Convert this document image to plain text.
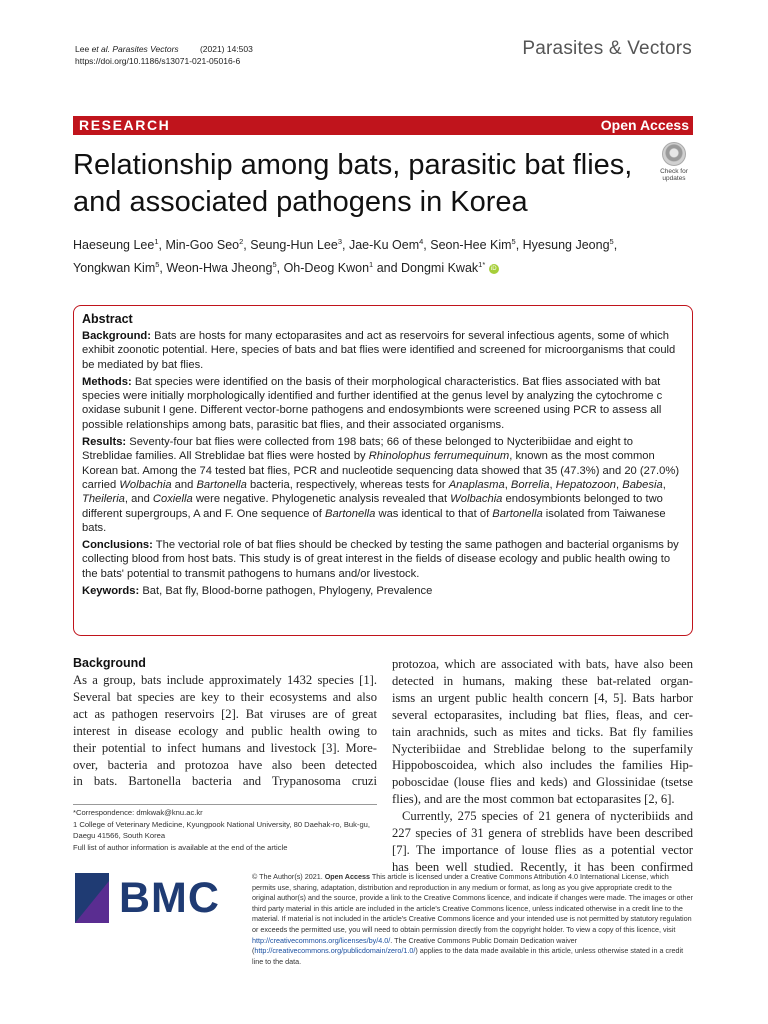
Lee et al. Parasites Vectors	(2021) 14:503
https://doi.org/10.1186/s13071-021-05016-6
Parasites & Vectors
RESEARCH	Open Access
Relationship among bats, parasitic bat flies,
and associated pathogens in Korea
Check for updates
Haeseung Lee$^1$, Min-Goo Seo$^2$, Seung-Hun Lee$^3$, Jae-Ku Oem$^4$, Seon-Hee Kim$^5$, Hyesung Jeong$^5$,
Yongkwan Kim$^5$, Weon-Hwa Jheong$^5$, Oh-Deog Kwon$^1$ and Dongmi Kwak$^{1*}$ iD
Abstract

Background: Bats are hosts for many ectoparasites and act as reservoirs for several infectious agents, some of which exhibit zoonotic potential. Here, species of bats and bat flies were identified and screened for microorganisms that could be mediated by bat flies.

Methods: Bat species were identified on the basis of their morphological characteristics. Bat flies associated with bat species were initially morphologically identified and further identified at the genus level by analyzing the cytochrome c oxidase subunit I gene. Different vector-borne pathogens and endosymbionts were screened using PCR to assess all possible relationships among bats, parasitic bat flies, and their associated organisms.

Results: Seventy-four bat flies were collected from 198 bats; 66 of these belonged to Nycteribiidae and eight to Streblidae families. All Streblidae bat flies were hosted by Rhinolophus ferrumequinum, known as the most common Korean bat. Among the 74 tested bat flies, PCR and nucleotide sequencing data showed that 35 (47.3%) and 20 (27.0%) carried Wolbachia and Bartonella bacteria, respectively, whereas tests for Anaplasma, Borrelia, Hepatozoon, Babesia, Theileria, and Coxiella were negative. Phylogenetic analysis revealed that Wolbachia endosymbionts belonged to two different supergroups, A and F. One sequence of Bartonella was identical to that of Bartonella isolated from Taiwanese bats.

Conclusions: The vectorial role of bat flies should be checked by testing the same pathogen and bacterial organisms by collecting blood from host bats. This study is of great interest in the fields of disease ecology and public health owing to the bats' potential to transmit pathogens to humans and/or livestock.

Keywords: Bat, Bat fly, Blood-borne pathogen, Phylogeny, Prevalence

Background
As a group, bats include approximately 1432 species [1].
Several bat species are key to their ecosystems and also
act as pathogen reservoirs [2]. Bat viruses are of great
interest in disease ecology and public health owing to
their potential to infect humans and livestock [3]. More-
over, bacteria and protozoa have also been detected
in bats. Bartonella bacteria and Trypanosoma cruzi
protozoa, which are associated with bats, have also been
detected in humans, making these bat-related organ-
isms an urgent public health concern [4, 5]. Bats harbor
several ectoparasites, including bat flies, fleas, and cer-
tain arachnids, such as mites and ticks. Bat fly families
Nycteribiidae and Streblidae belong to the superfamily
Hippoboscoidea, which also includes the families Hip-
poboscidae (louse flies and keds) and Glossinidae (tsetse
flies), and are the most common bat ectoparasites [2, 6].
Currently, 275 species of 21 genera of nycteribiids and
227 species of 31 genera of streblids have been described
[7]. The importance of louse flies as a potential vector
has been well studied. Recently, it has been confirmed
*Correspondence: dmkwak@knu.ac.kr
1 College of Veterinary Medicine, Kyungpook National University, 80 Daehak-ro, Buk-gu, Daegu 41566, South Korea
Full list of author information is available at the end of the article
BMC	© The Author(s) 2021. Open Access This article is licensed under a Creative Commons Attribution 4.0 International License, which permits use, sharing, adaptation, distribution and reproduction in any medium or format, as long as you give appropriate credit to the original author(s) and the source, provide a link to the Creative Commons licence, and indicate if changes were made. The images or other third party material in this article are included in the article's Creative Commons licence, unless indicated otherwise in a credit line to the material. If material is not included in the article's Creative Commons licence and your intended use is not permitted by statutory regulation or exceeds the permitted use, you will need to obtain permission directly from the copyright holder. To view a copy of this licence, visit http://creativecommons.org/licenses/by/4.0/. The Creative Commons Public Domain Dedication waiver (http://creativecommons.org/publicdomain/zero/1.0/) applies to the data made available in this article, unless otherwise stated in a credit line to the data.
